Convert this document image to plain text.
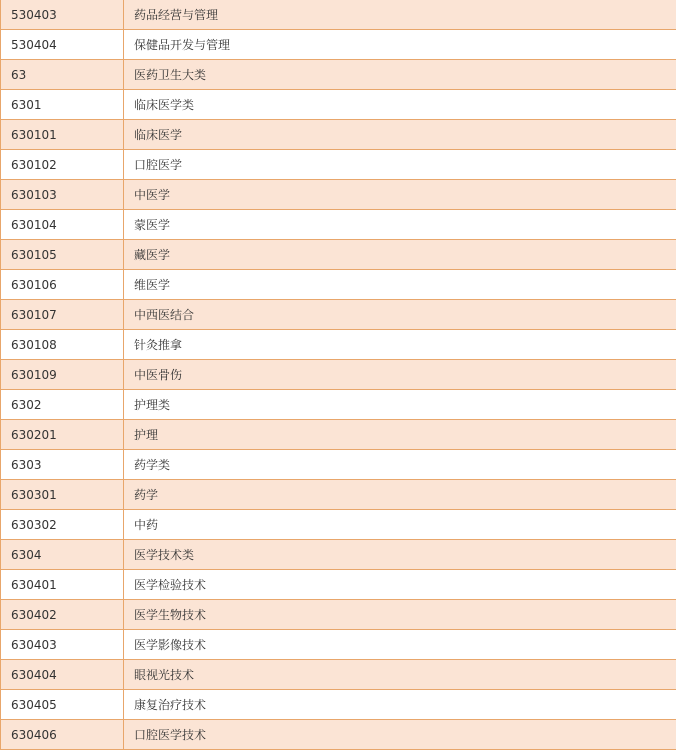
530403	药品经营与管理
530404	保健品开发与管理
63	医药卫生大类
6301	临床医学类
630101	临床医学
630102	口腔医学
630103	中医学
630104	蒙医学
630105	藏医学
630106	维医学
630107	中西医结合
630108	针灸推拿
630109	中医骨伤
6302	护理类
630201	护理
6303	药学类
630301	药学
630302	中药
6304	医学技术类
630401	医学检验技术
630402	医学生物技术
630403	医学影像技术
630404	眼视光技术
630405	康复治疗技术
630406	口腔医学技术
